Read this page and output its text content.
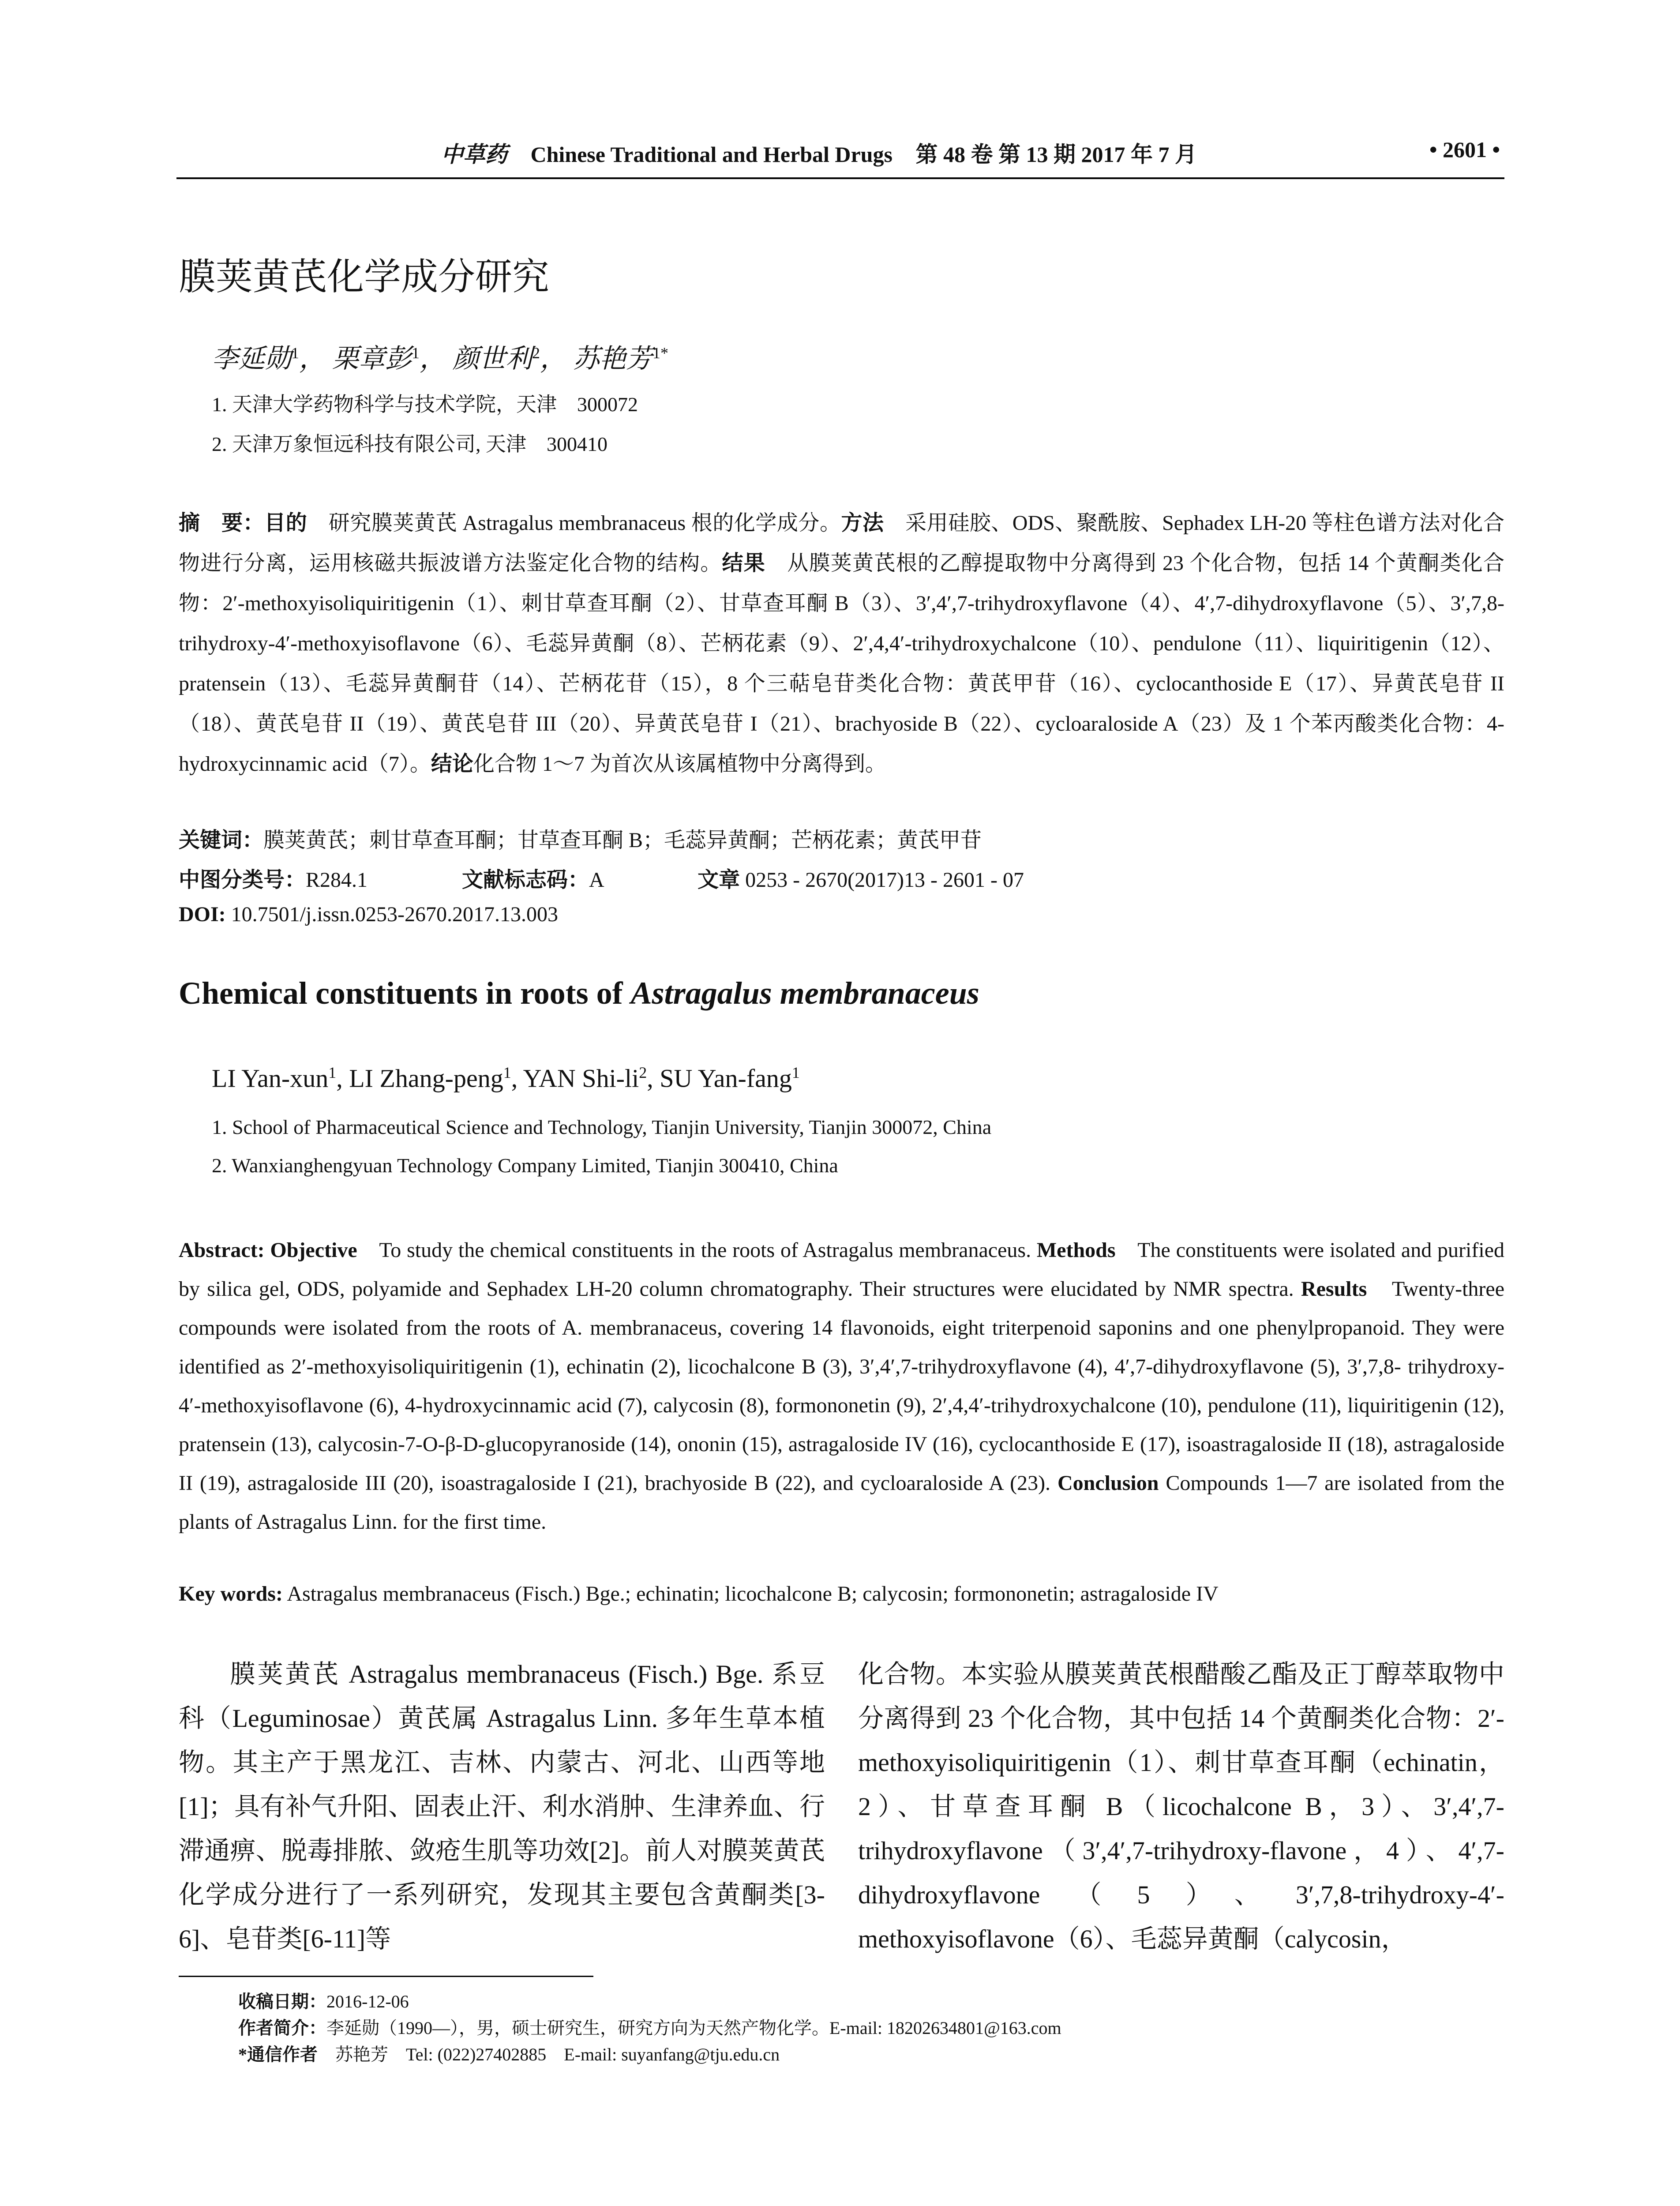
中草药 Chinese Traditional and Herbal Drugs 第 48 卷 第 13 期 2017 年 7 月	• 2601 •
膜荚黄芪化学成分研究
李延勋$^1$， 栗章彭$^1$， 颜世利$^2$， 苏艳芳$^{1*}$
1. 天津大学药物科学与技术学院，天津　300072
2. 天津万象恒远科技有限公司, 天津　300410
摘　要：目的　 研究膜荚黄芪 Astragalus membranaceus 根的化学成分。方法　 采用硅胶、ODS、聚酰胺、Sephadex LH-20 等柱色谱方法对化合物进行分离，运用核磁共振波谱方法鉴定化合物的结构。结果　 从膜荚黄芪根的乙醇提取物中分离得到 23 个化合物，包括 14 个黄酮类化合物：2′-methoxyisoliquiritigenin（1）、刺甘草查耳酮（2）、甘草查耳酮 B（3）、3′,4′,7-trihydroxyflavone（4）、4′,7-dihydroxyflavone（5）、3′,7,8-trihydroxy-4′-methoxyisoflavone（6）、毛蕊异黄酮（8）、芒柄花素（9）、2′,4,4′-trihydroxychalcone（10）、pendulone（11）、liquiritigenin（12）、pratensein（13）、毛蕊异黄酮苷（14）、芒柄花苷（15），8 个三萜皂苷类化合物：黄芪甲苷（16）、cyclocanthoside E（17）、异黄芪皂苷 II（18）、黄芪皂苷 II（19）、黄芪皂苷 III（20）、异黄芪皂苷 I（21）、brachyoside B（22）、cycloaraloside A（23）及 1 个苯丙酸类化合物：4-hydroxycinnamic acid（7）。结论化合物 1～7 为首次从该属植物中分离得到。
关键词：膜荚黄芪；刺甘草查耳酮；甘草查耳酮 B；毛蕊异黄酮；芒柄花素；黄芪甲苷
中图分类号：R284.1	文献标志码：A	文章 0253 - 2670(2017)13 - 2601 - 07
DOI: 10.7501/j.issn.0253-2670.2017.13.003
Chemical constituents in roots of Astragalus membranaceus
LI Yan-xun$^1$, LI Zhang-peng$^1$, YAN Shi-$li^2$, SU Yan-fang$^1$
1. School of Pharmaceutical Science and Technology, Tianjin University, Tianjin 300072, China
2. Wanxianghengyuan Technology Company Limited, Tianjin 300410, China
Abstract: Objective　 To study the chemical constituents in the roots of Astragalus membranaceus. Methods　 The constituents were isolated and purified by silica gel, ODS, polyamide and Sephadex LH-20 column chromatography. Their structures were elucidated by NMR spectra. Results　 Twenty-three compounds were isolated from the roots of A. membranaceus, covering 14 flavonoids, eight triterpenoid saponins and one phenylpropanoid. They were identified as 2′-methoxyisoliquiritigenin (1), echinatin (2), licochalcone B (3), 3′,4′,7-trihydroxyflavone (4), 4′,7-dihydroxyflavone (5), 3′,7,8- trihydroxy-4′-methoxyisoflavone (6), 4-hydroxycinnamic acid (7), calycosin (8), formononetin (9), 2′,4,4′-trihydroxychalcone (10), pendulone (11), liquiritigenin (12), pratensein (13), calycosin-7-O-β-D-glucopyranoside (14), ononin (15), astragaloside IV (16), cyclocanthoside E (17), isoastragaloside II (18), astragaloside II (19), astragaloside III (20), isoastragaloside I (21), brachyoside B (22), and cycloaraloside A (23). Conclusion Compounds 1—7 are isolated from the plants of Astragalus Linn. for the first time.
Key words: Astragalus membranaceus (Fisch.) Bge.; echinatin; licochalcone B; calycosin; formononetin; astragaloside IV

膜荚黄芪 Astragalus membranaceus (Fisch.) Bge. 系豆科（Leguminosae）黄芪属 Astragalus Linn. 多年生草本植物。其主产于黑龙江、吉林、内蒙古、河北、山西等地[1]；具有补气升阳、固表止汗、利水消肿、生津养血、行滞通痹、脱毒排脓、敛疮生肌等功效[2]。前人对膜荚黄芪化学成分进行了一系列研究，发现其主要包含黄酮类[3-6]、皂苷类[6-11]等

化合物。本实验从膜荚黄芪根醋酸乙酯及正丁醇萃取物中分离得到 23 个化合物，其中包括 14 个黄酮类化合物：2′-methoxyisoliquiritigenin（1）、刺甘草查耳酮（echinatin，2）、甘草查耳酮 B（licochalcone B，3）、3′,4′,7-trihydroxyflavone（3′,4′,7-trihydroxy-flavone，4）、4′,7-dihydroxyflavone（5）、3′,7,8-trihydroxy-4′-methoxyisoflavone（6）、毛蕊异黄酮（calycosin，

收稿日期：2016-12-06
作者简介：李延勋（1990—），男，硕士研究生，研究方向为天然产物化学。E-mail: 18202634801@163.com
*通信作者　 苏艳芳　Tel: (022)27402885　E-mail: suyanfang@tju.edu.cn
